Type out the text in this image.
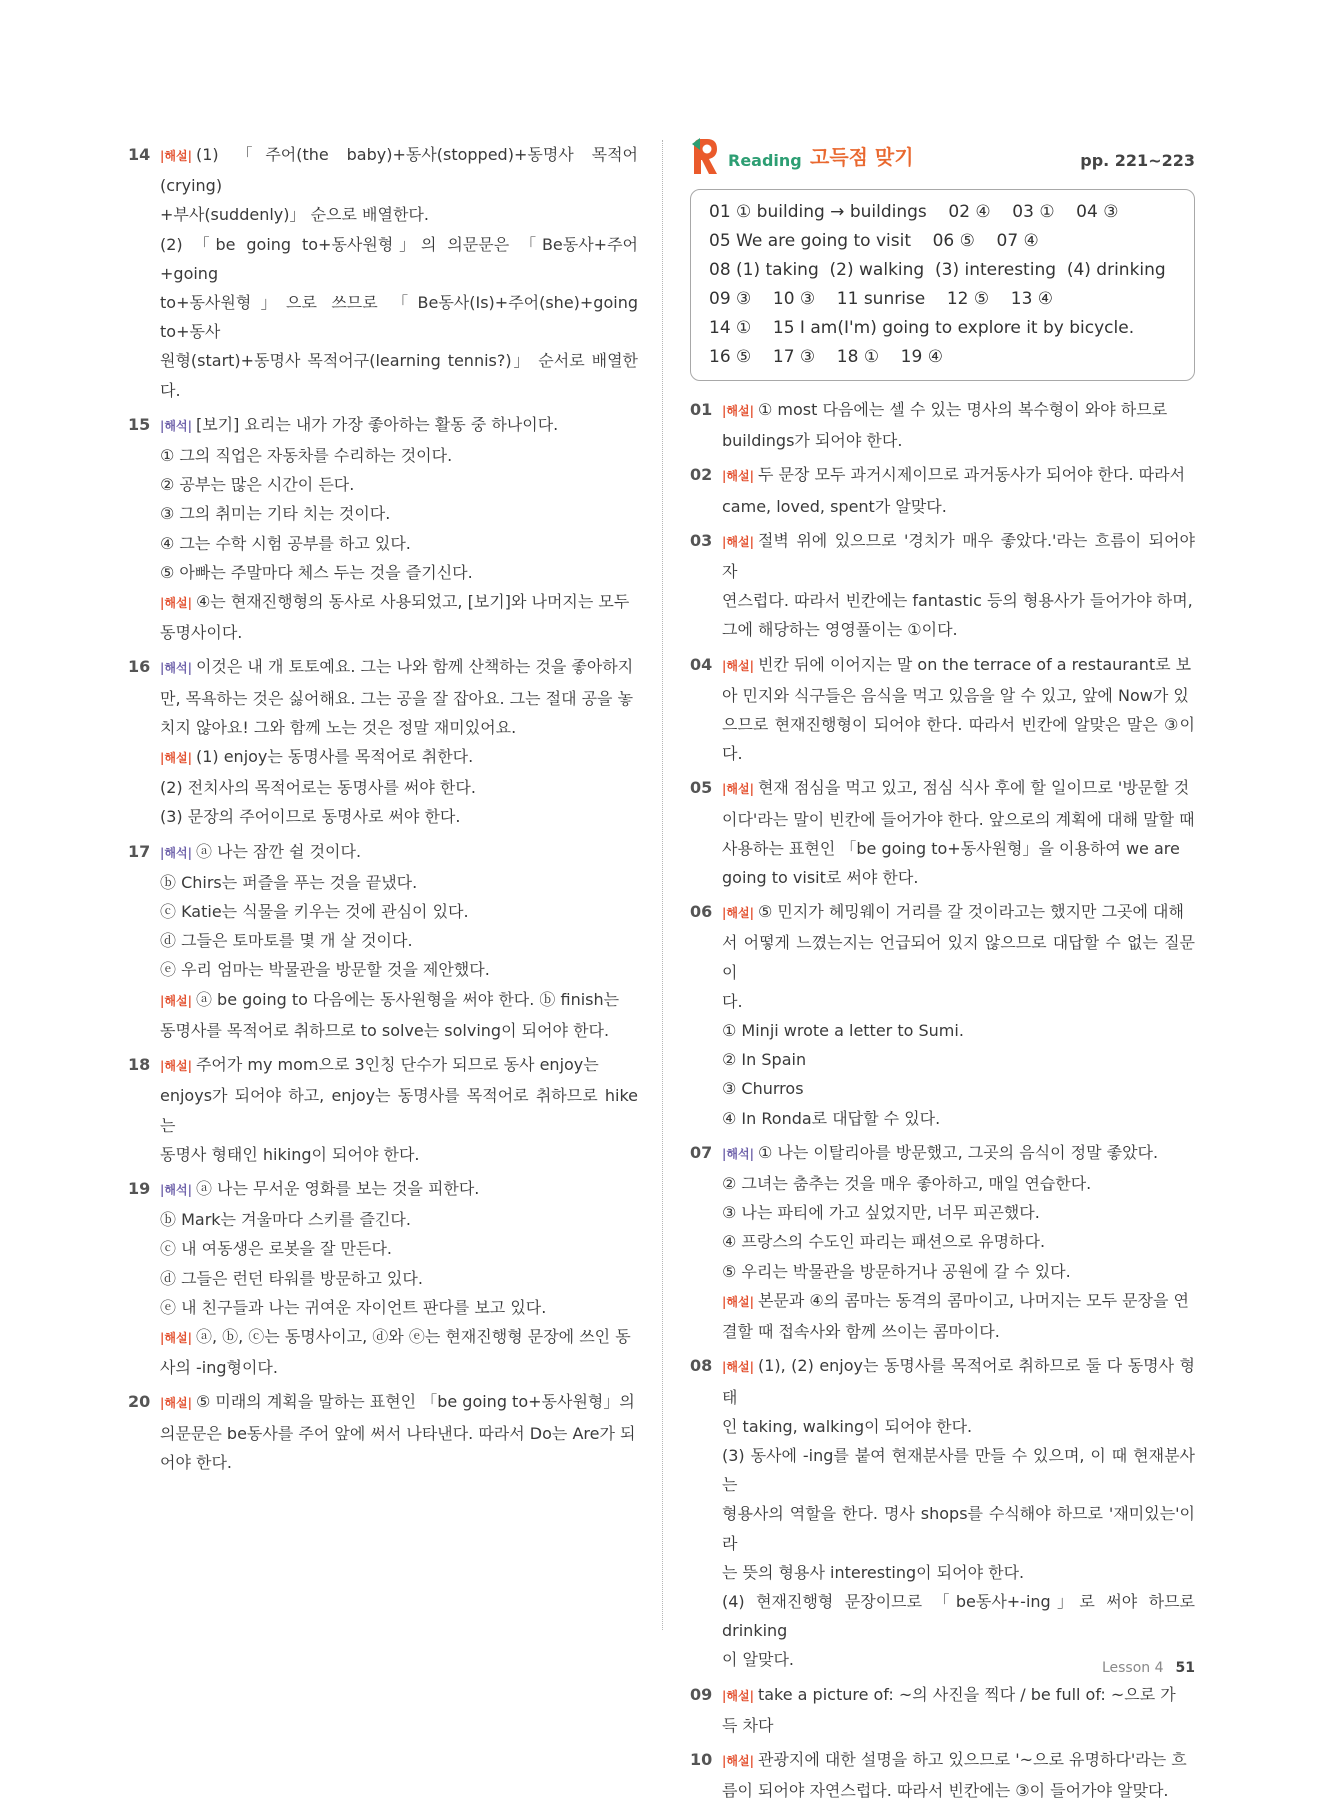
14 |해설| (1) 「주어(the baby)+동사(stopped)+동명사 목적어(crying)
+부사(suddenly)」 순으로 배열한다.
(2) 「be going to+동사원형」의 의문문은 「Be동사+주어+going
to+동사원형」으로 쓰므로 「Be동사(Is)+주어(she)+going to+동사
원형(start)+동명사 목적어구(learning tennis?)」 순서로 배열한다.
15 |해석| [보기] 요리는 내가 가장 좋아하는 활동 중 하나이다.
① 그의 직업은 자동차를 수리하는 것이다.
② 공부는 많은 시간이 든다.
③ 그의 취미는 기타 치는 것이다.
④ 그는 수학 시험 공부를 하고 있다.
⑤ 아빠는 주말마다 체스 두는 것을 즐기신다.
|해설| ④는 현재진행형의 동사로 사용되었고, [보기]와 나머지는 모두
동명사이다.
16 |해석| 이것은 내 개 토토예요. 그는 나와 함께 산책하는 것을 좋아하지
만, 목욕하는 것은 싫어해요. 그는 공을 잘 잡아요. 그는 절대 공을 놓
치지 않아요! 그와 함께 노는 것은 정말 재미있어요.
|해설| (1) enjoy는 동명사를 목적어로 취한다.
(2) 전치사의 목적어로는 동명사를 써야 한다.
(3) 문장의 주어이므로 동명사로 써야 한다.
17 |해석| ⓐ 나는 잠깐 쉴 것이다.
ⓑ Chirs는 퍼즐을 푸는 것을 끝냈다.
ⓒ Katie는 식물을 키우는 것에 관심이 있다.
ⓓ 그들은 토마토를 몇 개 살 것이다.
ⓔ 우리 엄마는 박물관을 방문할 것을 제안했다.
|해설| ⓐ be going to 다음에는 동사원형을 써야 한다. ⓑ finish는
동명사를 목적어로 취하므로 to solve는 solving이 되어야 한다.
18 |해설| 주어가 my mom으로 3인칭 단수가 되므로 동사 enjoy는
enjoys가 되어야 하고, enjoy는 동명사를 목적어로 취하므로 hike는
동명사 형태인 hiking이 되어야 한다.
19 |해석| ⓐ 나는 무서운 영화를 보는 것을 피한다.
ⓑ Mark는 겨울마다 스키를 즐긴다.
ⓒ 내 여동생은 로봇을 잘 만든다.
ⓓ 그들은 런던 타워를 방문하고 있다.
ⓔ 내 친구들과 나는 귀여운 자이언트 판다를 보고 있다.
|해설| ⓐ, ⓑ, ⓒ는 동명사이고, ⓓ와 ⓔ는 현재진행형 문장에 쓰인 동
사의 -ing형이다.
20 |해설| ⑤ 미래의 계획을 말하는 표현인 「be going to+동사원형」의
의문문은 be동사를 주어 앞에 써서 나타낸다. 따라서 Do는 Are가 되
어야 한다.
Reading 고득점 맞기	pp. 221~223
01 ① building → buildings    02 ④    03 ①    04 ③
05 We are going to visit    06 ⑤    07 ④
08 (1) taking  (2) walking  (3) interesting  (4) drinking
09 ③    10 ③    11 sunrise    12 ⑤    13 ④
14 ①    15 I am(I'm) going to explore it by bicycle.
16 ⑤    17 ③    18 ①    19 ④
01 |해설| ① most 다음에는 셀 수 있는 명사의 복수형이 와야 하므로
buildings가 되어야 한다.
02 |해설| 두 문장 모두 과거시제이므로 과거동사가 되어야 한다. 따라서
came, loved, spent가 알맞다.
03 |해설| 절벽 위에 있으므로 '경치가 매우 좋았다.'라는 흐름이 되어야 자
연스럽다. 따라서 빈칸에는 fantastic 등의 형용사가 들어가야 하며,
그에 해당하는 영영풀이는 ①이다.
04 |해설| 빈칸 뒤에 이어지는 말 on the terrace of a restaurant로 보
아 민지와 식구들은 음식을 먹고 있음을 알 수 있고, 앞에 Now가 있
으므로 현재진행형이 되어야 한다. 따라서 빈칸에 알맞은 말은 ③이다.
05 |해설| 현재 점심을 먹고 있고, 점심 식사 후에 할 일이므로 '방문할 것
이다'라는 말이 빈칸에 들어가야 한다. 앞으로의 계획에 대해 말할 때
사용하는 표현인 「be going to+동사원형」을 이용하여 we are
going to visit로 써야 한다.
06 |해설| ⑤ 민지가 헤밍웨이 거리를 갈 것이라고는 했지만 그곳에 대해
서 어떻게 느꼈는지는 언급되어 있지 않으므로 대답할 수 없는 질문이
다.
① Minji wrote a letter to Sumi.
② In Spain
③ Churros
④ In Ronda로 대답할 수 있다.
07 |해석| ① 나는 이탈리아를 방문했고, 그곳의 음식이 정말 좋았다.
② 그녀는 춤추는 것을 매우 좋아하고, 매일 연습한다.
③ 나는 파티에 가고 싶었지만, 너무 피곤했다.
④ 프랑스의 수도인 파리는 패션으로 유명하다.
⑤ 우리는 박물관을 방문하거나 공원에 갈 수 있다.
|해설| 본문과 ④의 콤마는 동격의 콤마이고, 나머지는 모두 문장을 연
결할 때 접속사와 함께 쓰이는 콤마이다.
08 |해설| (1), (2) enjoy는 동명사를 목적어로 취하므로 둘 다 동명사 형태
인 taking, walking이 되어야 한다.
(3) 동사에 -ing를 붙여 현재분사를 만들 수 있으며, 이 때 현재분사는
형용사의 역할을 한다. 명사 shops를 수식해야 하므로 '재미있는'이라
는 뜻의 형용사 interesting이 되어야 한다.
(4) 현재진행형 문장이므로 「be동사+-ing」로 써야 하므로 drinking
이 알맞다.
09 |해설| take a picture of: ~의 사진을 찍다 / be full of: ~으로 가
득 차다
10 |해설| 관광지에 대한 설명을 하고 있으므로 '~으로 유명하다'라는 흐
름이 되어야 자연스럽다. 따라서 빈칸에는 ③이 들어가야 알맞다.
Lesson 4 51
